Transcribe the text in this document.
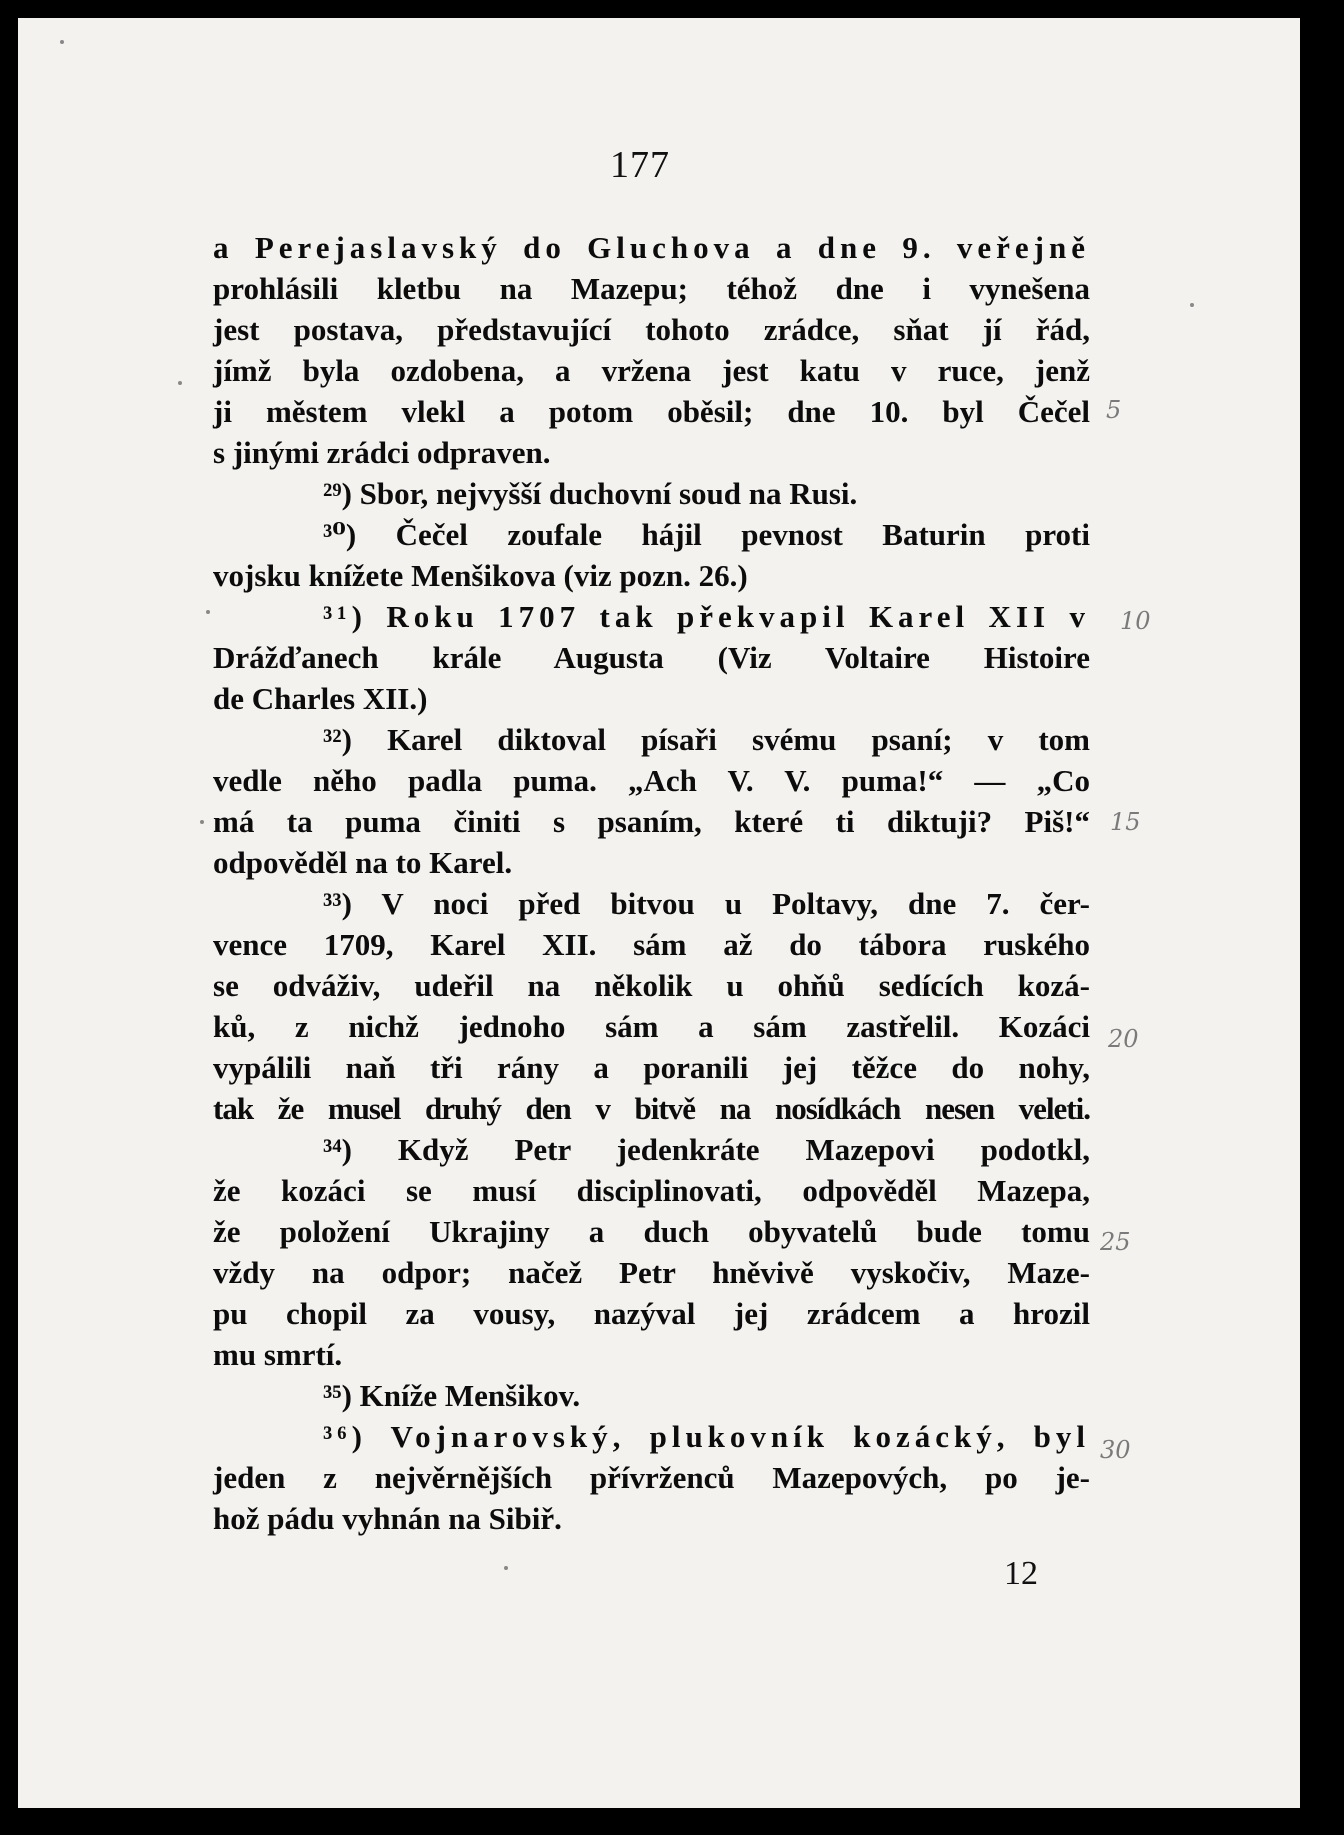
177
a Perejaslavský do Gluchova a dne 9. veřejně
prohlásili kletbu na Mazepu; téhož dne i vynešena
jest postava, představující tohoto zrádce, sňat jí řád,
jímž byla ozdobena, a vržena jest katu v ruce, jenž
ji městem vlekl a potom oběsil; dne 10. byl Čečel
s jinými zrádci odpraven.
²⁹) Sbor, nejvyšší duchovní soud na Rusi.
³⁰) Čečel zoufale hájil pevnost Baturin proti
vojsku knížete Menšikova (viz pozn. 26.)
³¹) Roku 1707 tak překvapil Karel XII v
Drážďanech krále Augusta (Viz Voltaire Histoire
de Charles XII.)
³²) Karel diktoval písaři svému psaní; v tom
vedle něho padla puma. „Ach V. V. puma!“ — „Co
má ta puma činiti s psaním, které ti diktuji? Piš!“
odpověděl na to Karel.
³³) V noci před bitvou u Poltavy, dne 7. čer-
vence 1709, Karel XII. sám až do tábora ruského
se odváživ, udeřil na několik u ohňů sedících kozá-
ků, z nichž jednoho sám a sám zastřelil. Kozáci
vypálili naň tři rány a poranili jej těžce do nohy,
tak že musel druhý den v bitvě na nosídkách nesen veleti.
³⁴) Když Petr jedenkráte Mazepovi podotkl,
že kozáci se musí disciplinovati, odpověděl Mazepa,
že položení Ukrajiny a duch obyvatelů bude tomu
vždy na odpor; načež Petr hněvivě vyskočiv, Maze-
pu chopil za vousy, nazýval jej zrádcem a hrozil
mu smrtí.
³⁵) Kníže Menšikov.
³⁶) Vojnarovský, plukovník kozácký, byl
jeden z nejvěrnějších přívrženců Mazepových, po je-
hož pádu vyhnán na Sibiř.
12
5
10
15
20
25
30
